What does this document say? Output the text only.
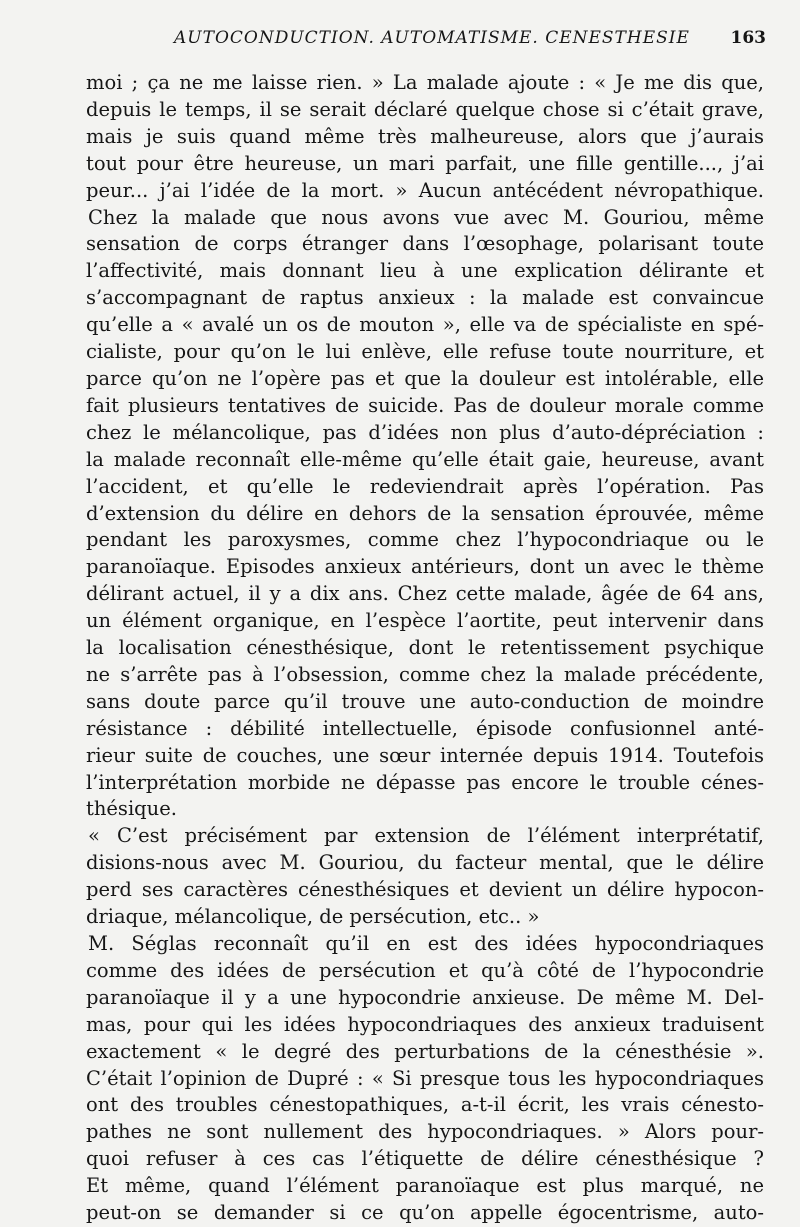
AUTOCONDUCTION. AUTOMATISME. CENESTHESIE 163
moi ; ça ne me laisse rien. » La malade ajoute : « Je me dis que,
depuis le temps, il se serait déclaré quelque chose si c’était grave,
mais je suis quand même très malheureuse, alors que j’aurais
tout pour être heureuse, un mari parfait, une fille gentille..., j’ai
peur... j’ai l’idée de la mort. » Aucun antécédent névropathique.
Chez la malade que nous avons vue avec M. Gouriou, même
sensation de corps étranger dans l’œsophage, polarisant toute
l’affectivité, mais donnant lieu à une explication délirante et
s’accompagnant de raptus anxieux : la malade est convaincue
qu’elle a « avalé un os de mouton », elle va de spécialiste en spé-
cialiste, pour qu’on le lui enlève, elle refuse toute nourriture, et
parce qu’on ne l’opère pas et que la douleur est intolérable, elle
fait plusieurs tentatives de suicide. Pas de douleur morale comme
chez le mélancolique, pas d’idées non plus d’auto-dépréciation :
la malade reconnaît elle-même qu’elle était gaie, heureuse, avant
l’accident, et qu’elle le redeviendrait après l’opération. Pas
d’extension du délire en dehors de la sensation éprouvée, même
pendant les paroxysmes, comme chez l’hypocondriaque ou le
paranoïaque. Episodes anxieux antérieurs, dont un avec le thème
délirant actuel, il y a dix ans. Chez cette malade, âgée de 64 ans,
un élément organique, en l’espèce l’aortite, peut intervenir dans
la localisation cénesthésique, dont le retentissement psychique
ne s’arrête pas à l’obsession, comme chez la malade précédente,
sans doute parce qu’il trouve une auto-conduction de moindre
résistance : débilité intellectuelle, épisode confusionnel anté-
rieur suite de couches, une sœur internée depuis 1914. Toutefois
l’interprétation morbide ne dépasse pas encore le trouble cénes-
thésique.
« C’est précisément par extension de l’élément interprétatif,
disions-nous avec M. Gouriou, du facteur mental, que le délire
perd ses caractères cénesthésiques et devient un délire hypocon-
driaque, mélancolique, de persécution, etc.. »
M. Séglas reconnaît qu’il en est des idées hypocondriaques
comme des idées de persécution et qu’à côté de l’hypocondrie
paranoïaque il y a une hypocondrie anxieuse. De même M. Del-
mas, pour qui les idées hypocondriaques des anxieux traduisent
exactement « le degré des perturbations de la cénesthésie ».
C’était l’opinion de Dupré : « Si presque tous les hypocondriaques
ont des troubles cénestopathiques, a-t-il écrit, les vrais cénesto-
pathes ne sont nullement des hypocondriaques. » Alors pour-
quoi refuser à ces cas l’étiquette de délire cénesthésique ?
Et même, quand l’élément paranoïaque est plus marqué, ne
peut-on se demander si ce qu’on appelle égocentrisme, auto-
